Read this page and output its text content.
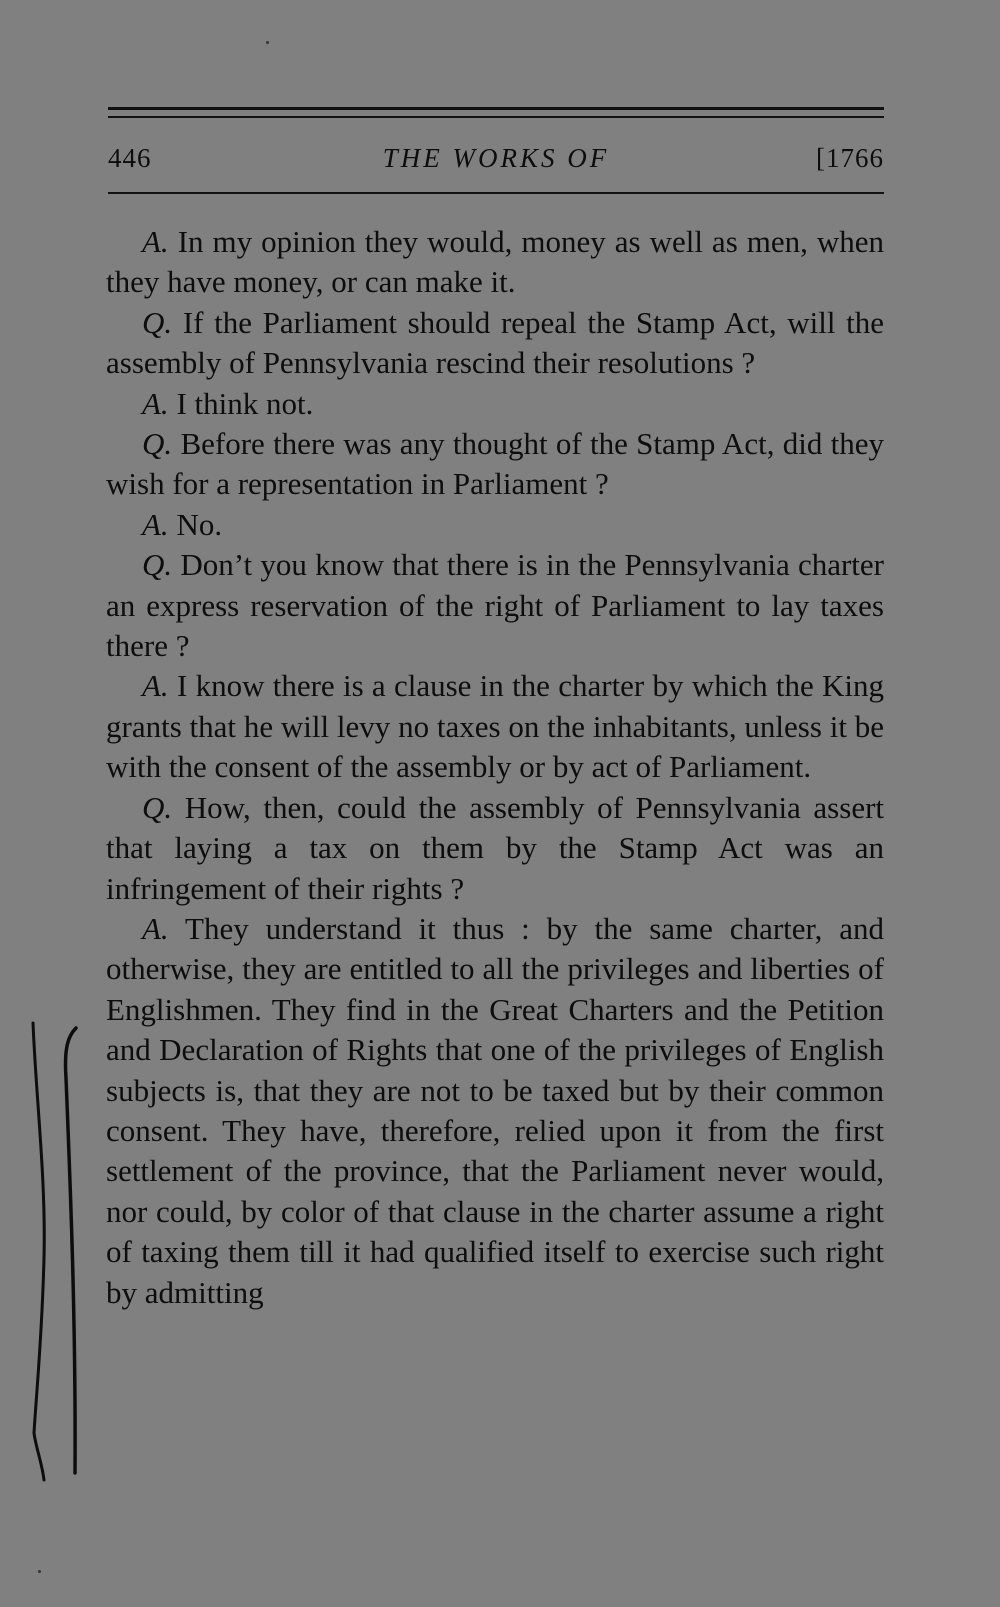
446	THE WORKS OF	[1766

A. In my opinion they would, money as well as men, when they have money, or can make it.

Q. If the Parliament should repeal the Stamp Act, will the assembly of Pennsylvania rescind their resolutions ?

A. I think not.

Q. Before there was any thought of the Stamp Act, did they wish for a representation in Parliament ?

A. No.

Q. Don’t you know that there is in the Pennsylvania charter an express reservation of the right of Parliament to lay taxes there ?

A. I know there is a clause in the charter by which the King grants that he will levy no taxes on the inhabitants, unless it be with the consent of the assembly or by act of Parliament.

Q. How, then, could the assembly of Pennsylvania assert that laying a tax on them by the Stamp Act was an infringement of their rights ?

A. They understand it thus : by the same charter, and otherwise, they are entitled to all the privileges and liberties of Englishmen. They find in the Great Charters and the Petition and Declaration of Rights that one of the privileges of English subjects is, that they are not to be taxed but by their common consent. They have, therefore, relied upon it from the first settlement of the province, that the Parliament never would, nor could, by color of that clause in the charter assume a right of taxing them till it had qualified itself to exercise such right by admitting
